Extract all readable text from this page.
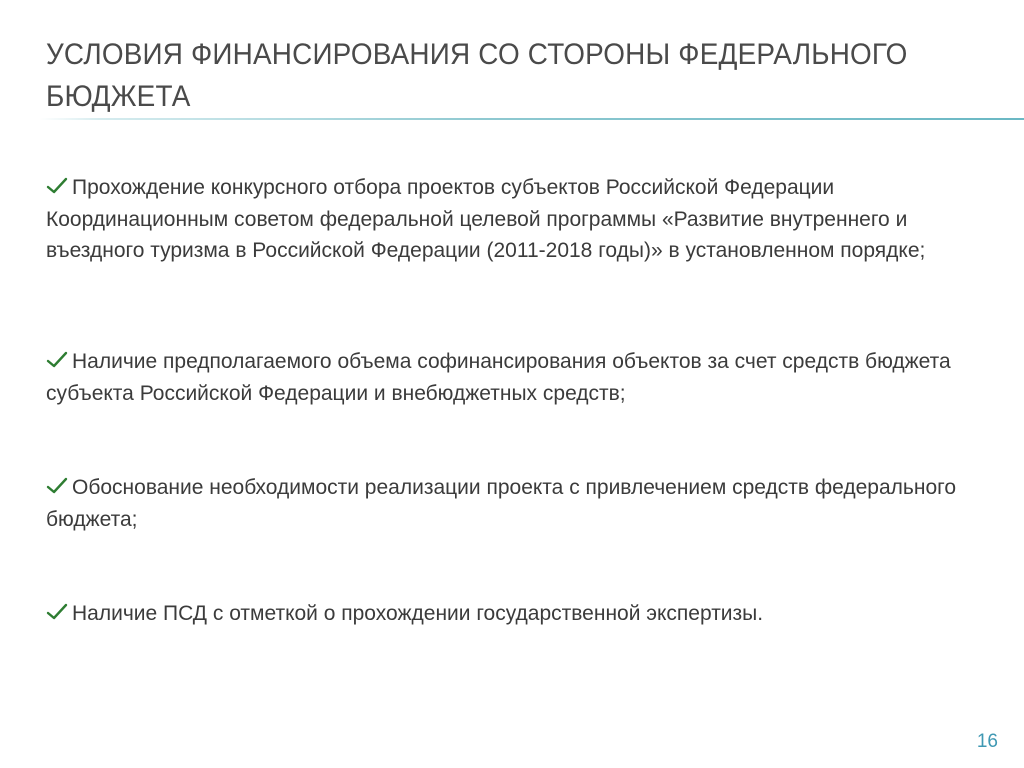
УСЛОВИЯ ФИНАНСИРОВАНИЯ СО СТОРОНЫ ФЕДЕРАЛЬНОГО БЮДЖЕТА
Прохождение конкурсного отбора проектов субъектов Российской Федерации Координационным советом федеральной целевой программы «Развитие внутреннего и въездного туризма в Российской Федерации (2011-2018 годы)» в установленном порядке;
Наличие предполагаемого объема софинансирования объектов за счет средств бюджета субъекта Российской Федерации и внебюджетных средств;
Обоснование необходимости реализации проекта с привлечением средств федерального бюджета;
Наличие ПСД с отметкой о прохождении государственной экспертизы.
16
